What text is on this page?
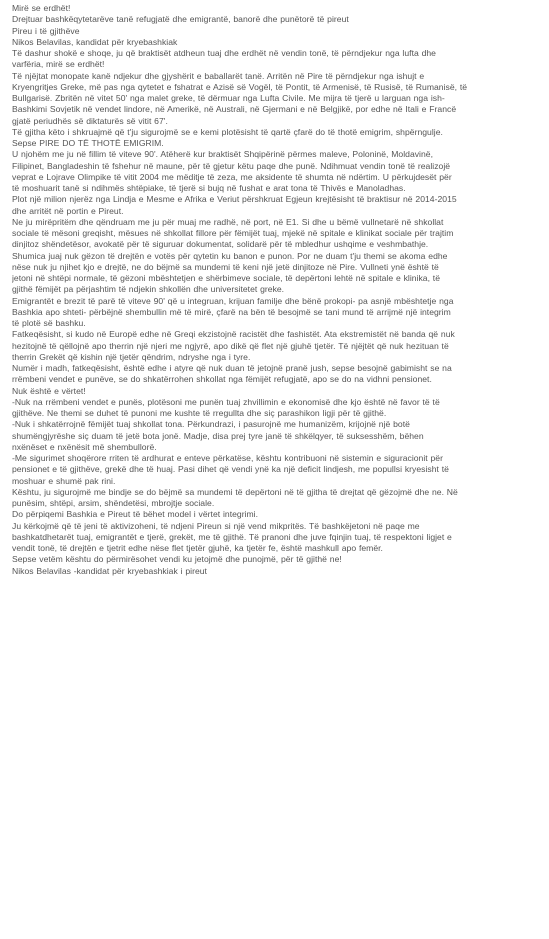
Mirë se erdhët!
Drejtuar bashkëqytetarëve tanë refugjatë dhe emigrantë, banorë dhe punëtorë të pireut
Pireu i të gjithëve
Nikos Belavilas, kandidat për kryebashkiak
Të dashur shokë e shoqe, ju që braktisët atdheun tuaj dhe erdhët në vendin tonë, të përndjekur nga lufta dhe
varfëria, mirë se erdhët!
Të njëjtat monopate kanë ndjekur dhe gjyshërit e baballarët tanë. Arritën në Pire të përndjekur nga ishujt e
Kryengritjes Greke, më pas nga qytetet e fshatrat e Azisë së Vogël, të Pontit, të Armenisë, të Rusisë, të Rumanisë, të
Bullgarisë. Zbritën në vitet 50' nga malet greke, të dërmuar nga Lufta Civile. Me mijra të tjerë u larguan nga ish-
Bashkimi Sovjetik në vendet lindore, në Amerikë, në Australi, në Gjermani e në Belgjikë, por edhe në Itali e Francë
gjatë periudhës së diktaturës së vitit 67'.
Të gjitha këto i shkruajmë që t'ju sigurojmë se e kemi plotësisht të qartë çfarë do të thotë emigrim, shpërngulje.
Sepse PIRE DO TË THOTË EMIGRIM.
U njohëm me ju në fillim të viteve 90'. Atëherë kur braktisët Shqipërinë përmes maleve, Poloninë, Moldavinë,
Filipinet, Bangladeshin të fshehur në maune, për të gjetur këtu paqe dhe punë. Ndihmuat vendin tonë të realizojë
veprat e Lojrave Olimpike të vitit 2004 me mëditje të zeza, me aksidente të shumta në ndërtim. U përkujdesët për
të moshuarit tanë si ndihmës shtëpiake, të tjerë si bujq në fushat e arat tona të Thivës e Manoladhas.
Plot një milion njerëz nga Lindja e Mesme e Afrika e Veriut përshkruat Egjeun krejtësisht të braktisur në 2014-2015
dhe arritët në portin e Pireut.
Ne ju mirëpritëm dhe qëndruam me ju për muaj me radhë, në port, në E1. Si dhe u bëmë vullnetarë në shkollat
sociale të mësoni greqisht, mësues në shkollat fillore për fëmijët tuaj, mjekë në spitale e klinikat sociale për trajtim
dinjitoz shëndetësor, avokatë për të siguruar dokumentat, solidarë për të mbledhur ushqime e veshmbathje.
Shumica juaj nuk gëzon të drejtën e votës për qytetin ku banon e punon. Por ne duam t'ju themi se akoma edhe
nëse nuk ju njihet kjo e drejtë, ne do bëjmë sa mundemi të keni një jetë dinjitoze në Pire. Vullneti ynë është të
jetoni në shtëpi normale, të gëzoni mbështetjen e shërbimeve sociale, të depërtoni lehtë në spitale e klinika, të
gjithë fëmijët pa përjashtim të ndjekin shkollën dhe universitetet greke.
Emigrantët e brezit të parë të viteve 90' që u integruan, krijuan familje dhe bënë prokopi- pa asnjë mbështetje nga
Bashkia apo shteti- përbëjnë shembullin më të mirë, çfarë na bën të besojmë se tani mund të arrijmë një integrim
të plotë së bashku.
Fatkeqësisht, si kudo në Europë edhe në Greqi ekzistojnë racistët dhe fashistët. Ata ekstremistët në banda që nuk
hezitojnë të qëllojnë apo therrin një njeri me ngjyrë, apo dikë që flet një gjuhë tjetër. Të njëjtët që nuk hezituan të
therrin Grekët që kishin një tjetër qëndrim, ndryshe nga i tyre.
Numër i madh, fatkeqësisht, është edhe i atyre që nuk duan të jetojnë pranë jush, sepse besojnë gabimisht se na
rrëmbeni vendet e punëve, se do shkatërrohen shkollat nga fëmijët refugjatë, apo se do na vidhni pensionet.
Nuk është e vërtet!
-Nuk na rrëmbeni vendet e punës, plotësoni me punën tuaj zhvillimin e ekonomisë dhe kjo është në favor të të
gjithëve. Ne themi se duhet të punoni me kushte të rregullta dhe siç parashikon ligji për të gjithë.
-Nuk i shkatërrojnë fëmijët tuaj shkollat tona. Përkundrazi, i pasurojnë me humanizëm, krijojnë një botë
shumëngjyrëshe siç duam të jetë bota jonë. Madje, disa prej tyre janë të shkëlqyer, të suksesshëm, bëhen
nxënëset e nxënësit më shembullorë.
-Me sigurimet shoqërore rriten të ardhurat e enteve përkatëse, kështu kontribuoni në sistemin e siguracionit për
pensionet e të gjithëve, grekë dhe të huaj. Pasi dihet që vendi ynë ka një deficit lindjesh, me popullsi kryesisht të
moshuar e shumë pak rini.
Kështu, ju sigurojmë me bindje se do bëjmë sa mundemi të depërtoni në të gjitha të drejtat që gëzojmë dhe ne. Në
punësim, shtëpi, arsim, shëndetësi, mbrojtje sociale.
Do përpiqemi Bashkia e Pireut të bëhet model i vërtet integrimi.
Ju kërkojmë që të jeni të aktivizoheni, të ndjeni Pireun si një vend mikpritës. Të bashkëjetoni në paqe me
bashkatdhetarët tuaj, emigrantët e tjerë, grekët, me të gjithë. Të pranoni dhe juve fqinjin tuaj, të respektoni ligjet e
vendit tonë, të drejtën e tjetrit edhe nëse flet tjetër gjuhë, ka tjetër fe, është mashkull apo femër.
Sepse vetëm kështu do përmirësohet vendi ku jetojmë dhe punojmë, për të gjithë ne!
Nikos Belavilas -kandidat për kryebashkiak i pireut
